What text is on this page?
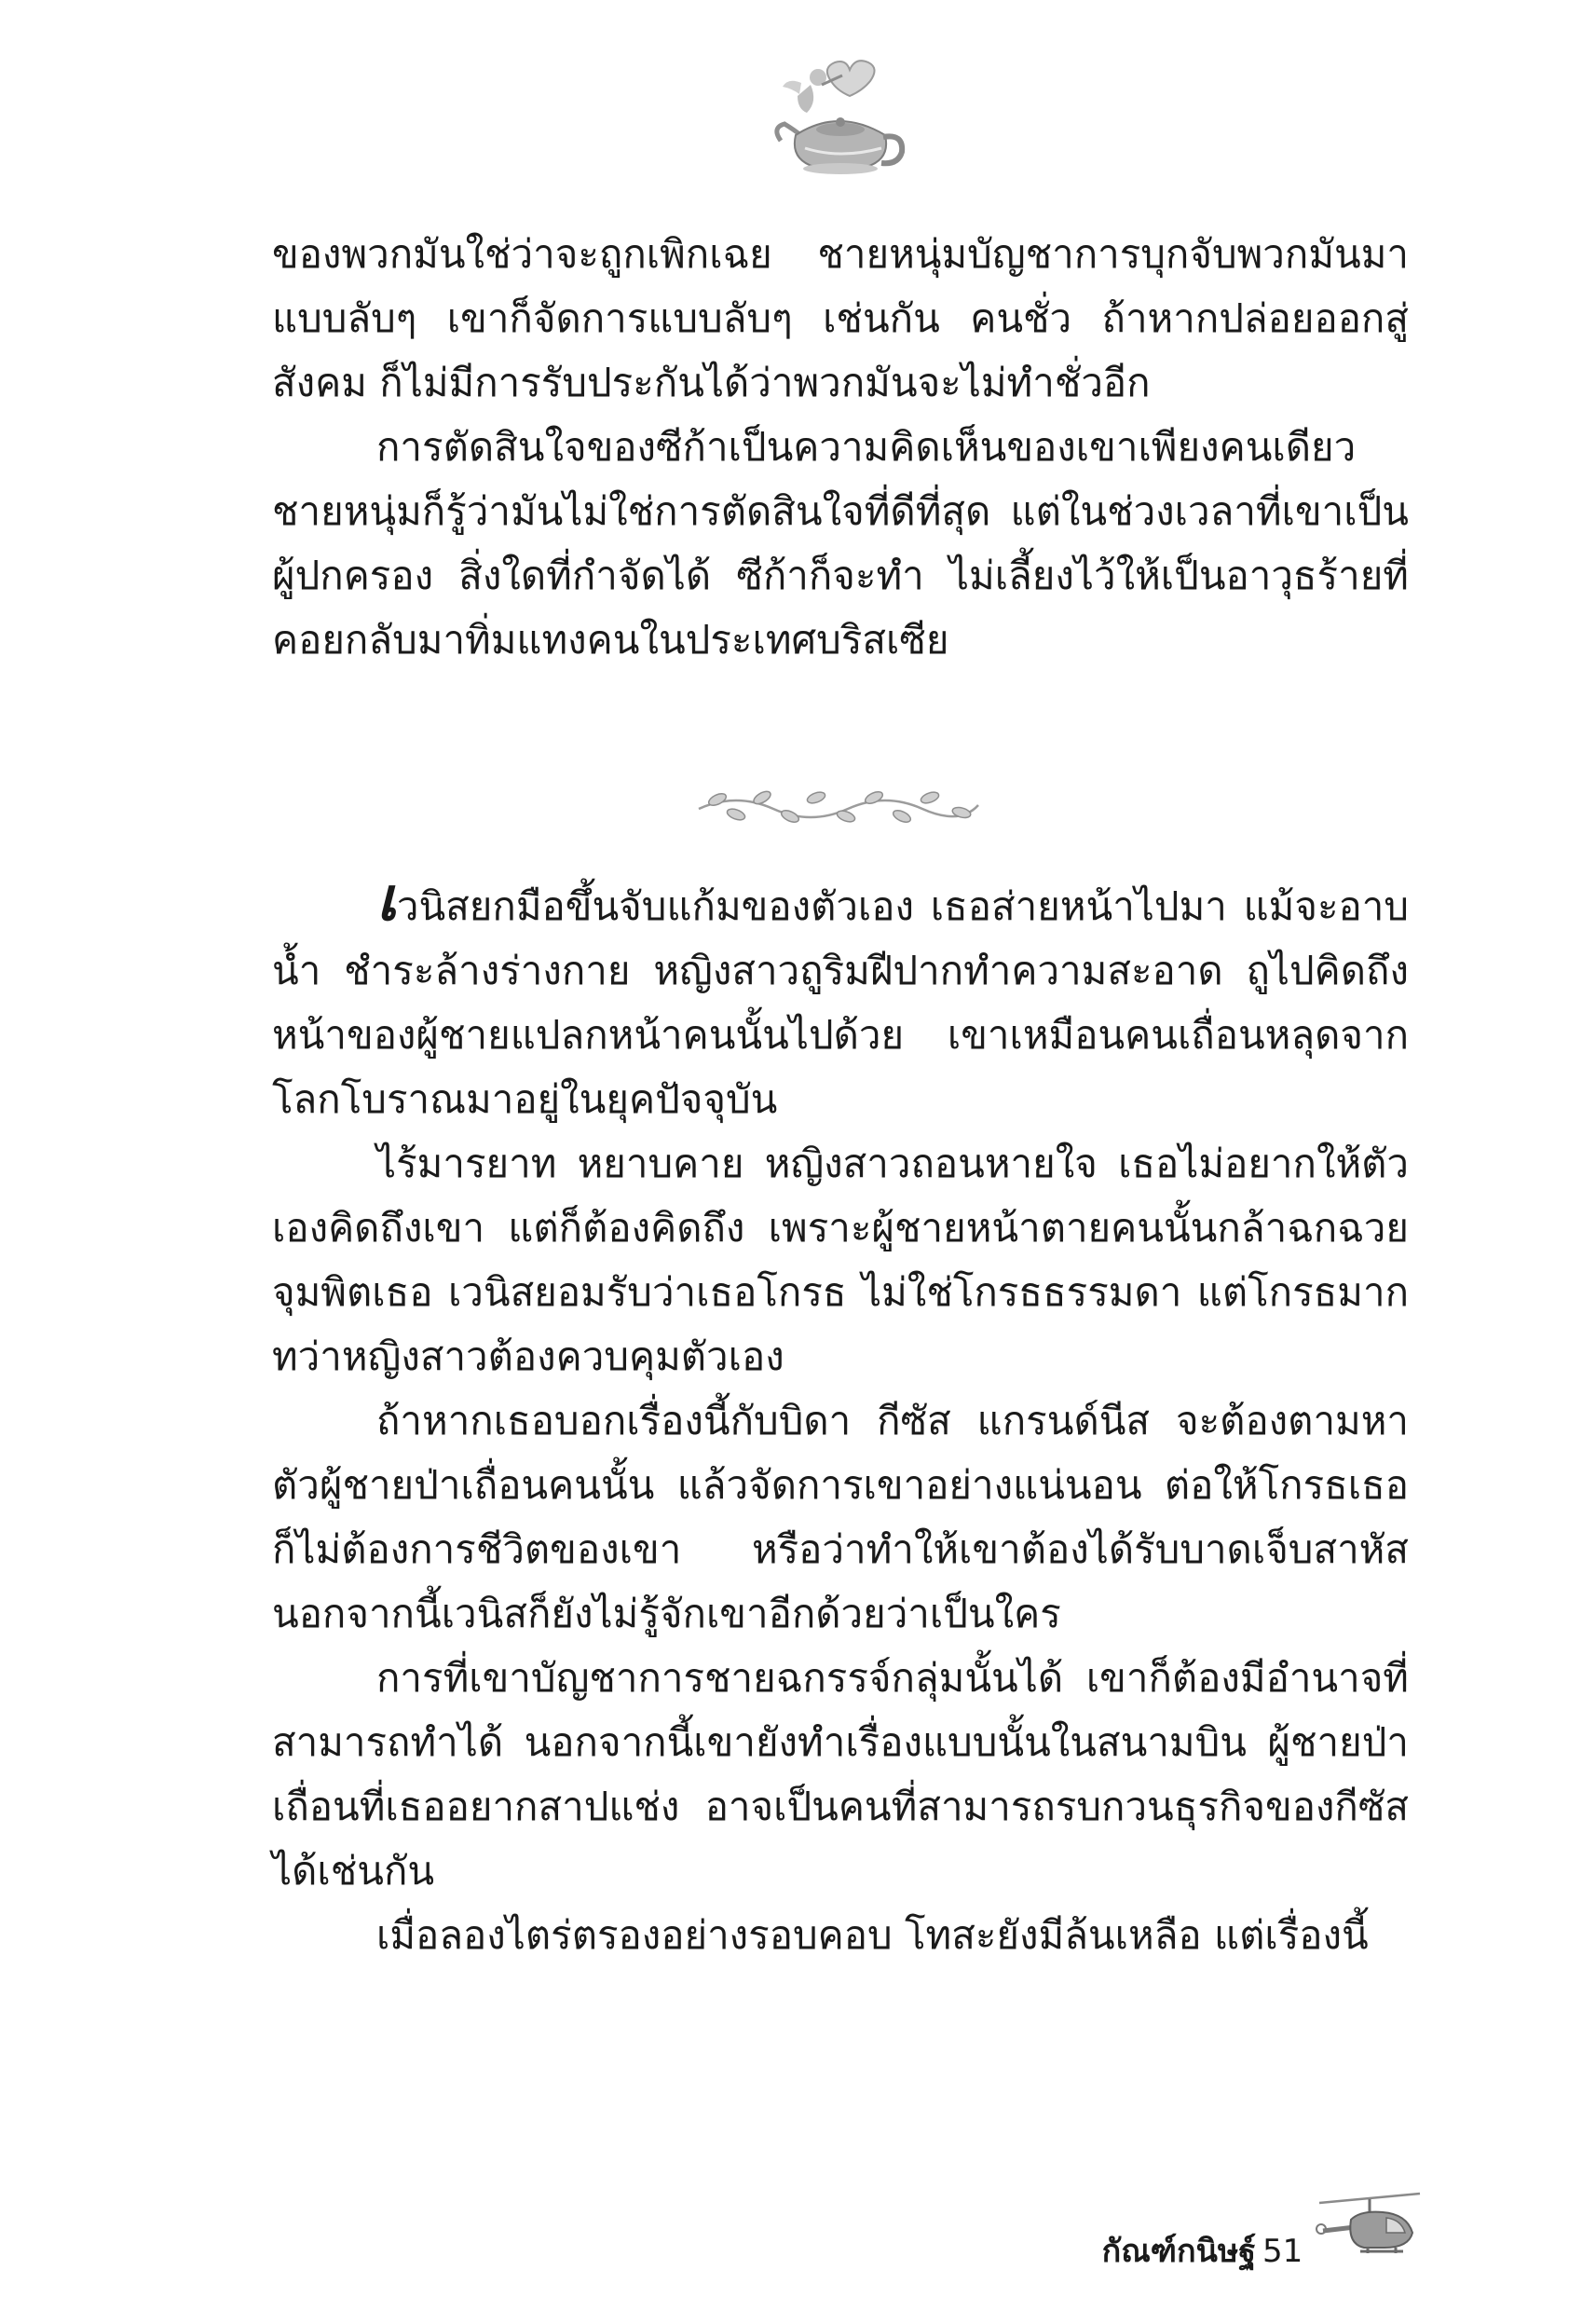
ของพวกมันใช่ว่าจะถูกเพิกเฉย ชายหนุ่มบัญชาการบุกจับพวกมันมาแบบลับๆ เขาก็จัดการแบบลับๆ เช่นกัน คนชั่ว ถ้าหากปล่อยออกสู่สังคม ก็ไม่มีการรับประกันได้ว่าพวกมันจะไม่ทำชั่วอีก

การตัดสินใจของซีก้าเป็นความคิดเห็นของเขาเพียงคนเดียว ชายหนุ่มก็รู้ว่ามันไม่ใช่การตัดสินใจที่ดีที่สุด แต่ในช่วงเวลาที่เขาเป็นผู้ปกครอง สิ่งใดที่กำจัดได้ ซีก้าก็จะทำ ไม่เลี้ยงไว้ให้เป็นอาวุธร้ายที่คอยกลับมาทิ่มแทงคนในประเทศบริสเซีย

เวนิสยกมือขึ้นจับแก้มของตัวเอง เธอส่ายหน้าไปมา แม้จะอาบน้ำ ชำระล้างร่างกาย หญิงสาวถูริมฝีปากทำความสะอาด ถูไปคิดถึงหน้าของผู้ชายแปลกหน้าคนนั้นไปด้วย เขาเหมือนคนเถื่อนหลุดจากโลกโบราณมาอยู่ในยุคปัจจุบัน

ไร้มารยาท หยาบคาย หญิงสาวถอนหายใจ เธอไม่อยากให้ตัวเองคิดถึงเขา แต่ก็ต้องคิดถึง เพราะผู้ชายหน้าตายคนนั้นกล้าฉกฉวยจุมพิตเธอ เวนิสยอมรับว่าเธอโกรธ ไม่ใช่โกรธธรรมดา แต่โกรธมากทว่าหญิงสาวต้องควบคุมตัวเอง

ถ้าหากเธอบอกเรื่องนี้กับบิดา กีซัส แกรนด์นีส จะต้องตามหาตัวผู้ชายป่าเถื่อนคนนั้น แล้วจัดการเขาอย่างแน่นอน ต่อให้โกรธเธอก็ไม่ต้องการชีวิตของเขา หรือว่าทำให้เขาต้องได้รับบาดเจ็บสาหัส นอกจากนี้เวนิสก็ยังไม่รู้จักเขาอีกด้วยว่าเป็นใคร

การที่เขาบัญชาการชายฉกรรจ์กลุ่มนั้นได้ เขาก็ต้องมีอำนาจที่สามารถทำได้ นอกจากนี้เขายังทำเรื่องแบบนั้นในสนามบิน ผู้ชายป่าเถื่อนที่เธออยากสาปแช่ง อาจเป็นคนที่สามารถรบกวนธุรกิจของกีซัสได้เช่นกัน

เมื่อลองไตร่ตรองอย่างรอบคอบ โทสะยังมีล้นเหลือ แต่เรื่องนี้

กัณฑ์กนิษฐ์ 51
